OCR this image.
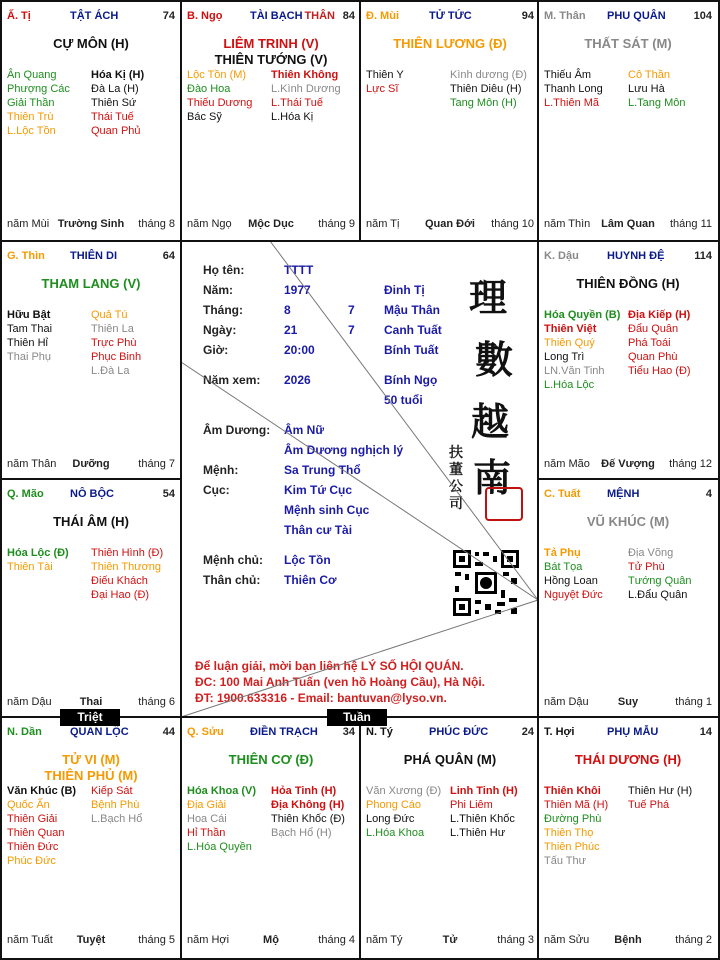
Ấ. Tị	TẬT ÁCH	74
CỰ MÔN (H)
Ân Quang
Phượng Các
Giải Thần
Thiên Trù
L.Lộc Tồn
Hóa Kị (H)
Đà La (H)
Thiên Sứ
Thái Tuế
Quan Phủ
năm Mùi Trường Sinh	tháng 8
B. Ngọ	TÀI BẠCH THÂN 84
LIÊM TRINH (V)
THIÊN TƯỚNG (V)
Lộc Tồn (M)
Đào Hoa
Thiếu Dương
Bác Sỹ
Thiên Không
L.Kình Dương
L.Thái Tuế
L.Hóa Kị
năm Ngọ	Mộc Dục	tháng 9
Đ. Mùi	TỬ TỨC	94
THIÊN LƯƠNG (Đ)
Thiên Y
Lực Sĩ
Kình dương (Đ)
Thiên Diêu (H)
Tang Môn (H)
năm Tị	Quan Đới	tháng 10
M. Thân PHU QUÂN	104
THẤT SÁT (M)
Thiếu Âm
Thanh Long
L.Thiên Mã
Cô Thần
Lưu Hà
L.Tang Môn
năm Thìn Lâm Quan	tháng 11
G. Thìn THIÊN DI	64
THAM LANG (V)
Hữu Bật
Tam Thai
Thiên Hỉ
Thai Phụ
Quả Tú
Thiên La
Trực Phù
Phục Binh
L.Đà La
năm Thân	Dưỡng	tháng 7
K. Dậu	HUYNH ĐỆ	114
THIÊN ĐỒNG (H)
Hóa Quyền (B)
Thiên Việt
Thiên Quý
Long Trì
LN.Văn Tinh
L.Hóa Lộc
Địa Kiếp (H)
Đẩu Quân
Phá Toái
Quan Phù
Tiểu Hao (Đ)
năm Mão	Đế Vượng	tháng 12
Q. Mão NÔ BỘC	54
THÁI ÂM (H)
Hóa Lộc (Đ)
Thiên Tài
Thiên Hình (Đ)
Thiên Thương
Điếu Khách
Đại Hao (Đ)
năm Dậu	Thai	tháng 6
C. Tuất MỆNH	4
VŨ KHÚC (M)
Tả Phụ
Bát Tọa
Hồng Loan
Nguyệt Đức
Địa Võng
Tử Phù
Tướng Quân
L.Đẩu Quân
năm Dậu	Suy	tháng 1
N. Dần	QUAN LỘC	44
TỬ VI (M)
THIÊN PHỦ (M)
Văn Khúc (B)
Quốc Ấn
Thiên Giải
Thiên Quan
Thiên Đức
Phúc Đức
Kiếp Sát
Bệnh Phù
L.Bạch Hổ
năm Tuất	Tuyệt	tháng 5
Q. Sửu ĐIỀN TRẠCH 34
THIÊN CƠ (Đ)
Hóa Khoa (V)
Địa Giải
Hoa Cái
Hỉ Thần
L.Hóa Quyền
Hỏa Tinh (H)
Địa Không (H)
Thiên Khốc (Đ)
Bạch Hổ (H)
năm Hợi	Mộ	tháng 4
N. Tý	PHÚC ĐỨC	24
PHÁ QUÂN (M)
Văn Xương (Đ)
Phong Cáo
Long Đức
L.Hóa Khoa
Linh Tinh (H)
Phi Liêm
L.Thiên Khốc
L.Thiên Hư
năm Tý	Tử	tháng 3
T. Hợi	PHỤ MẪU	14
THÁI DƯƠNG (H)
Thiên Khôi
Thiên Mã (H)
Đường Phù
Thiên Thọ
Thiên Phúc
Tấu Thư
Thiên Hư (H)
Tuế Phá
năm Sửu	Bệnh	tháng 2
Họ tên:	TTTT
Năm:	1977	Đinh Tị
Tháng:	8	7 Mậu Thân
Ngày:	21	7 Canh Tuất
Giờ:	20:00	Bính Tuất
Năm xem: 2026	Bính Ngọ
50 tuổi
Âm Dương: Âm Nữ
Âm Dương nghịch lý
Mệnh:	Sa Trung Thổ
Cục:	Kim Tứ Cục
Mệnh sinh Cục
Thân cư Tài
Mệnh chủ: Lộc Tồn
Thân chủ: Thiên Cơ
理
數
越
南
扶
董
公
司
Để luận giải, mời bạn liên hệ LÝ SỐ HỘI QUÁN.
ĐC: 100 Mai Anh Tuấn (ven hồ Hoàng Cầu), Hà Nội.
ĐT: 1900.633316 - Email: bantuvan@lyso.vn.
Triệt	Tuần
